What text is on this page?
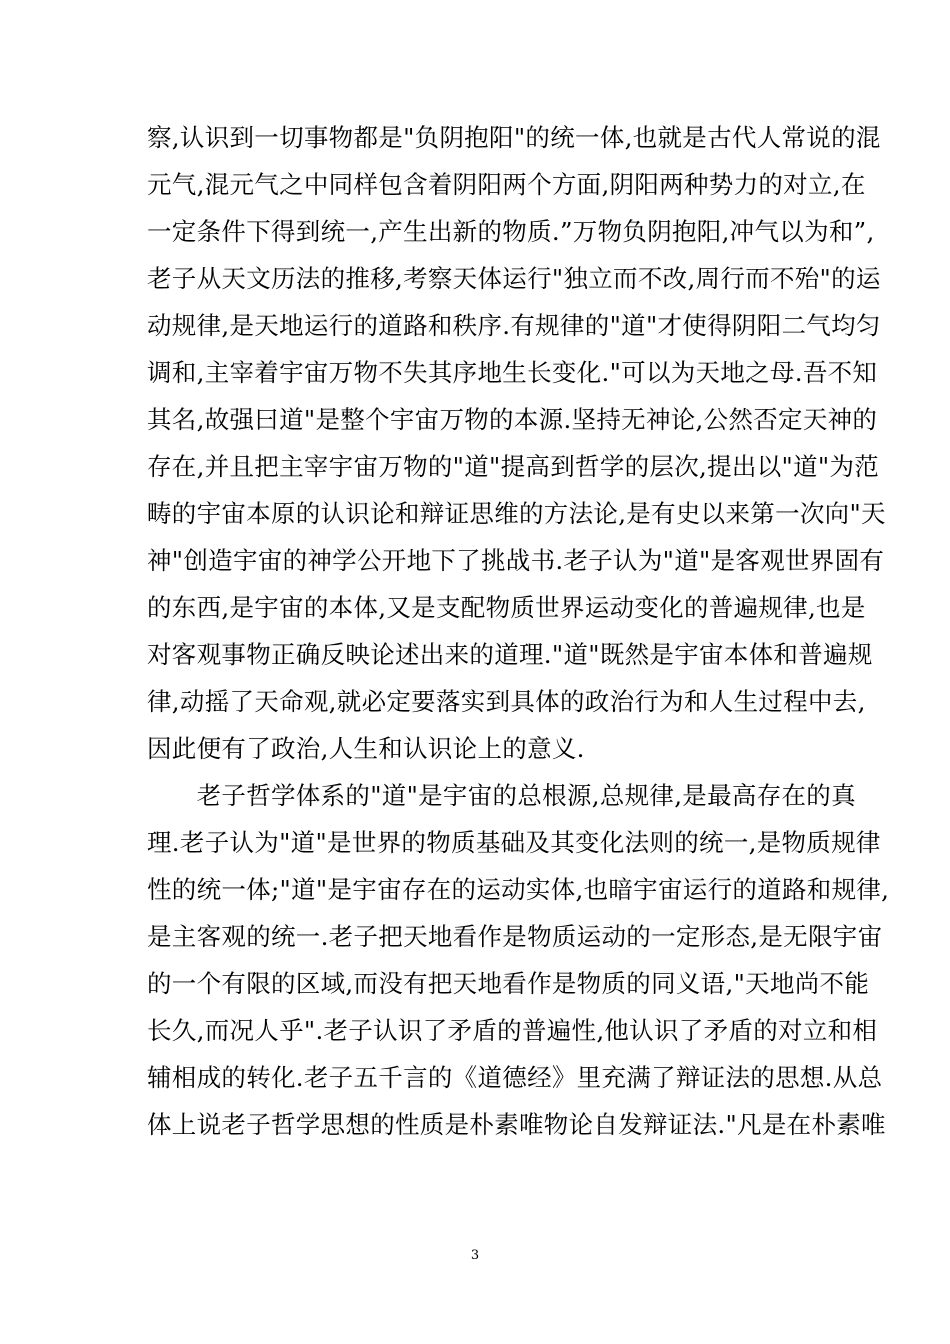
察,认识到一切事物都是"负阴抱阳"的统一体,也就是古代人常说的混
元气,混元气之中同样包含着阴阳两个方面,阴阳两种势力的对立,在
一定条件下得到统一,产生出新的物质.”万物负阴抱阳,冲气以为和”,
老子从天文历法的推移,考察天体运行"独立而不改,周行而不殆"的运
动规律,是天地运行的道路和秩序.有规律的"道"才使得阴阳二气均匀
调和,主宰着宇宙万物不失其序地生长变化."可以为天地之母.吾不知
其名,故强曰道"是整个宇宙万物的本源.坚持无神论,公然否定天神的
存在,并且把主宰宇宙万物的"道"提高到哲学的层次,提出以"道"为范
畴的宇宙本原的认识论和辩证思维的方法论,是有史以来第一次向"天
神"创造宇宙的神学公开地下了挑战书.老子认为"道"是客观世界固有
的东西,是宇宙的本体,又是支配物质世界运动变化的普遍规律,也是
对客观事物正确反映论述出来的道理."道"既然是宇宙本体和普遍规
律,动摇了天命观,就必定要落实到具体的政治行为和人生过程中去,
因此便有了政治,人生和认识论上的意义.
　　老子哲学体系的"道"是宇宙的总根源,总规律,是最高存在的真
理.老子认为"道"是世界的物质基础及其变化法则的统一,是物质规律
性的统一体;"道"是宇宙存在的运动实体,也暗宇宙运行的道路和规律,
是主客观的统一.老子把天地看作是物质运动的一定形态,是无限宇宙
的一个有限的区域,而没有把天地看作是物质的同义语,"天地尚不能
长久,而况人乎".老子认识了矛盾的普遍性,他认识了矛盾的对立和相
辅相成的转化.老子五千言的《道德经》里充满了辩证法的思想.从总
体上说老子哲学思想的性质是朴素唯物论自发辩证法."凡是在朴素唯
3
